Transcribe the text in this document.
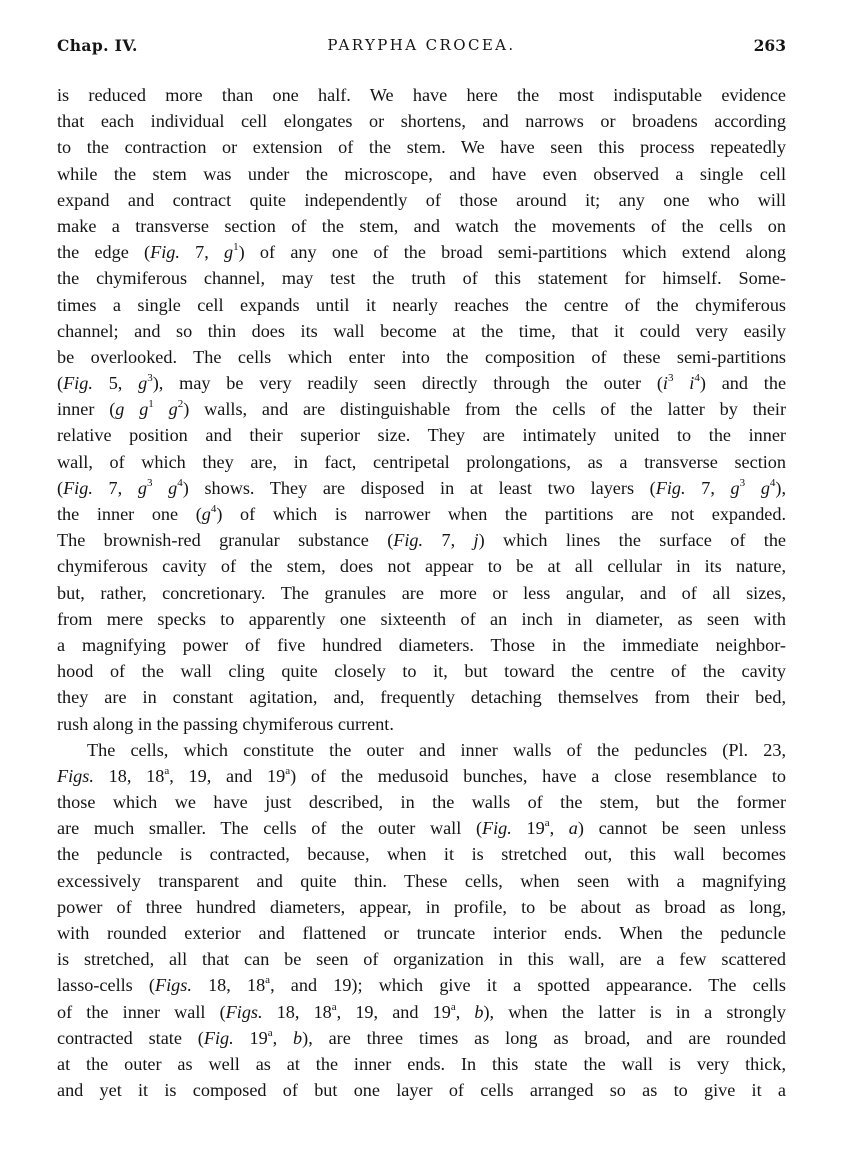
Chap. IV.	PARYPHA CROCEA.	263
is reduced more than one half. We have here the most indisputable evidence
that each individual cell elongates or shortens, and narrows or broadens according
to the contraction or extension of the stem. We have seen this process repeatedly
while the stem was under the microscope, and have even observed a single cell
expand and contract quite independently of those around it; any one who will
make a transverse section of the stem, and watch the movements of the cells on
the edge (Fig. 7, $g^1$) of any one of the broad semi-partitions which extend along
the chymiferous channel, may test the truth of this statement for himself. Some-
times a single cell expands until it nearly reaches the centre of the chymiferous
channel; and so thin does its wall become at the time, that it could very easily
be overlooked. The cells which enter into the composition of these semi-partitions
(Fig. 5, $g^3$), may be very readily seen directly through the outer ($i^3$ $i^4$) and the
inner (g $g^1$ $g^2$) walls, and are distinguishable from the cells of the latter by their
relative position and their superior size. They are intimately united to the inner
wall, of which they are, in fact, centripetal prolongations, as a transverse section
(Fig. 7, $g^3$ $g^4$) shows. They are disposed in at least two layers (Fig. 7, $g^3$ $g^4$),
the inner one $(g^4)$ of which is narrower when the partitions are not expanded.
The brownish-red granular substance (Fig. 7, j) which lines the surface of the
chymiferous cavity of the stem, does not appear to be at all cellular in its nature,
but, rather, concretionary. The granules are more or less angular, and of all sizes,
from mere specks to apparently one sixteenth of an inch in diameter, as seen with
a magnifying power of five hundred diameters. Those in the immediate neighbor-
hood of the wall cling quite closely to it, but toward the centre of the cavity
they are in constant agitation, and, frequently detaching themselves from their bed,
rush along in the passing chymiferous current.
The cells, which constitute the outer and inner walls of the peduncles (Pl. 23,
Figs. 18, 18$^a$, 19, and 19$^a$) of the medusoid bunches, have a close resemblance to
those which we have just described, in the walls of the stem, but the former
are much smaller. The cells of the outer wall (Fig. 19$^a$, a) cannot be seen unless
the peduncle is contracted, because, when it is stretched out, this wall becomes
excessively transparent and quite thin. These cells, when seen with a magnifying
power of three hundred diameters, appear, in profile, to be about as broad as long,
with rounded exterior and flattened or truncate interior ends. When the peduncle
is stretched, all that can be seen of organization in this wall, are a few scattered
lasso-cells (Figs. 18, 18$^a$, and 19); which give it a spotted appearance. The cells
of the inner wall (Figs. 18, 18$^a$, 19, and 19$^a$, b), when the latter is in a strongly
contracted state (Fig. 19$^a$, b), are three times as long as broad, and are rounded
at the outer as well as at the inner ends. In this state the wall is very thick,
and yet it is composed of but one layer of cells arranged so as to give it a
